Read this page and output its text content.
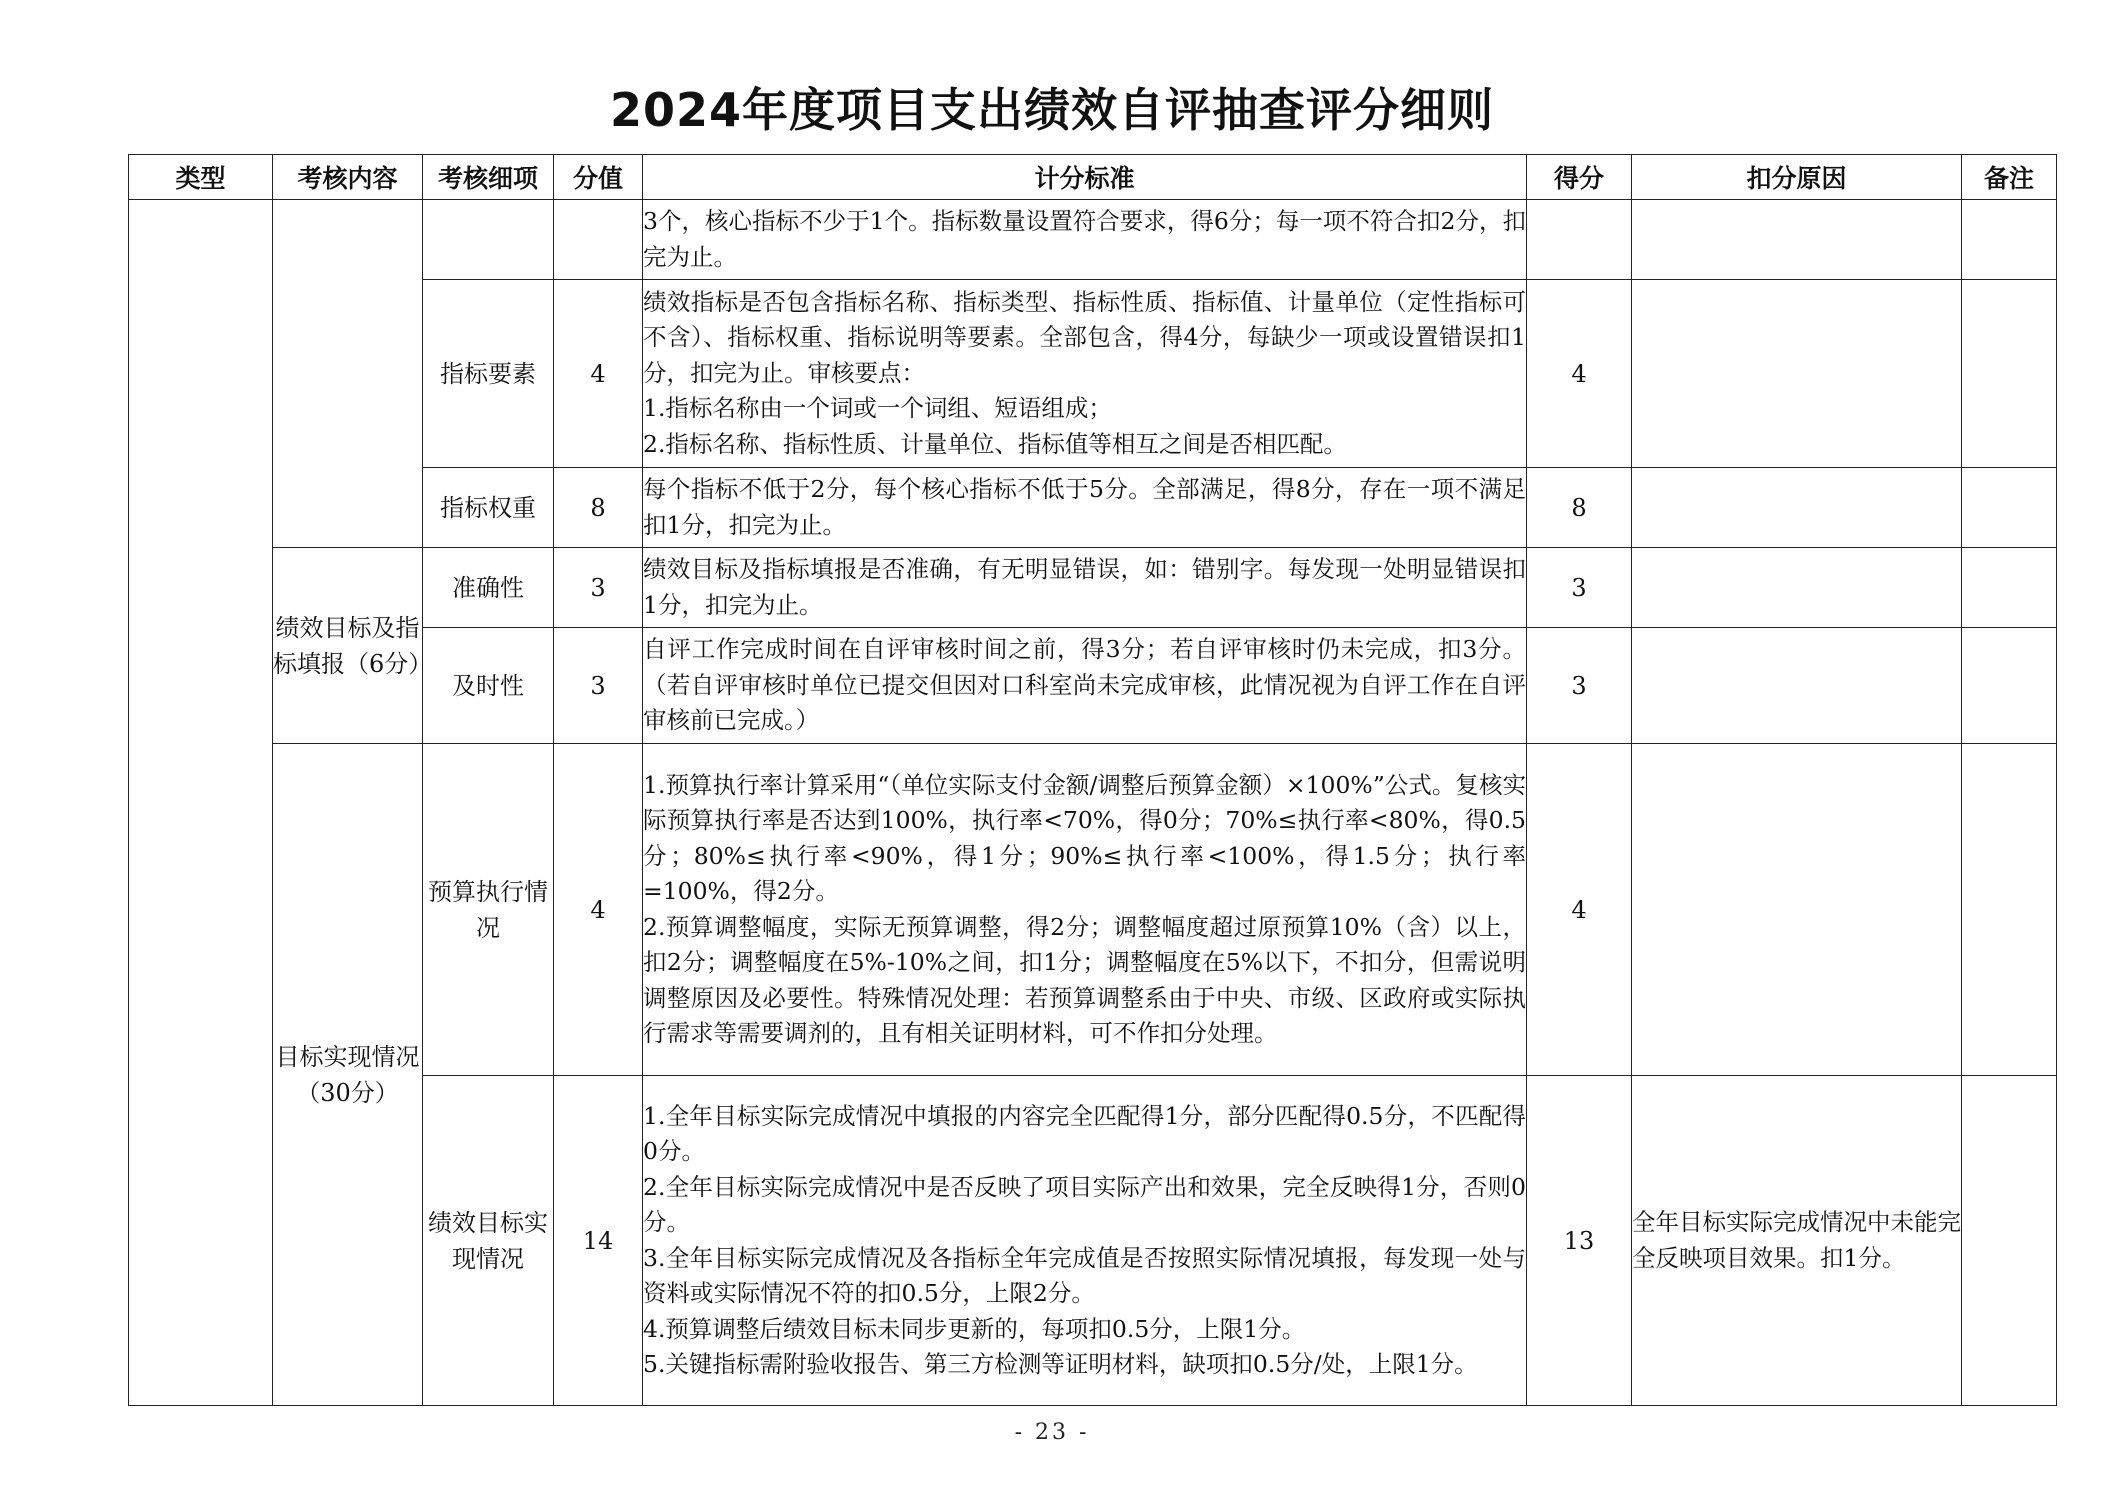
2024年度项目支出绩效自评抽查评分细则
类型	考核内容	考核细项	分值	计分标准	得分	扣分原因	备注
				3个，核心指标不少于1个。指标数量设置符合要求，得6分；每一项不符合扣2分，扣完为止。			
		指标要素	4	绩效指标是否包含指标名称、指标类型、指标性质、指标值、计量单位（定性指标可不含）、指标权重、指标说明等要素。全部包含，得4分，每缺少一项或设置错误扣1分，扣完为止。审核要点：
1.指标名称由一个词或一个词组、短语组成；
2.指标名称、指标性质、计量单位、指标值等相互之间是否相匹配。	4		
		指标权重	8	每个指标不低于2分，每个核心指标不低于5分。全部满足，得8分，存在一项不满足扣1分，扣完为止。	8		
	绩效目标及指标填报（6分）	准确性	3	绩效目标及指标填报是否准确，有无明显错误，如：错别字。每发现一处明显错误扣1分，扣完为止。	3		
		及时性	3	自评工作完成时间在自评审核时间之前，得3分；若自评审核时仍未完成，扣3分。（若自评审核时单位已提交但因对口科室尚未完成审核，此情况视为自评工作在自评审核前已完成。）	3		
	目标实现情况（30分）	预算执行情况	4	1.预算执行率计算采用“（单位实际支付金额/调整后预算金额）×100%”公式。复核实际预算执行率是否达到100%，执行率<70%，得0分；70%≤执行率<80%，得0.5分；80%≤执行率<90%，得1分；90%≤执行率<100%，得1.5分；执行率=100%，得2分。
2.预算调整幅度，实际无预算调整，得2分；调整幅度超过原预算10%（含）以上，扣2分；调整幅度在5%-10%之间，扣1分；调整幅度在5%以下，不扣分，但需说明调整原因及必要性。特殊情况处理：若预算调整系由于中央、市级、区政府或实际执行需求等需要调剂的，且有相关证明材料，可不作扣分处理。	4		
		绩效目标实现情况	14	1.全年目标实际完成情况中填报的内容完全匹配得1分，部分匹配得0.5分，不匹配得0分。
2.全年目标实际完成情况中是否反映了项目实际产出和效果，完全反映得1分，否则0分。
3.全年目标实际完成情况及各指标全年完成值是否按照实际情况填报，每发现一处与资料或实际情况不符的扣0.5分，上限2分。
4.预算调整后绩效目标未同步更新的，每项扣0.5分，上限1分。
5.关键指标需附验收报告、第三方检测等证明材料，缺项扣0.5分/处，上限1分。	13	全年目标实际完成情况中未能完全反映项目效果。扣1分。	
- 23 -
